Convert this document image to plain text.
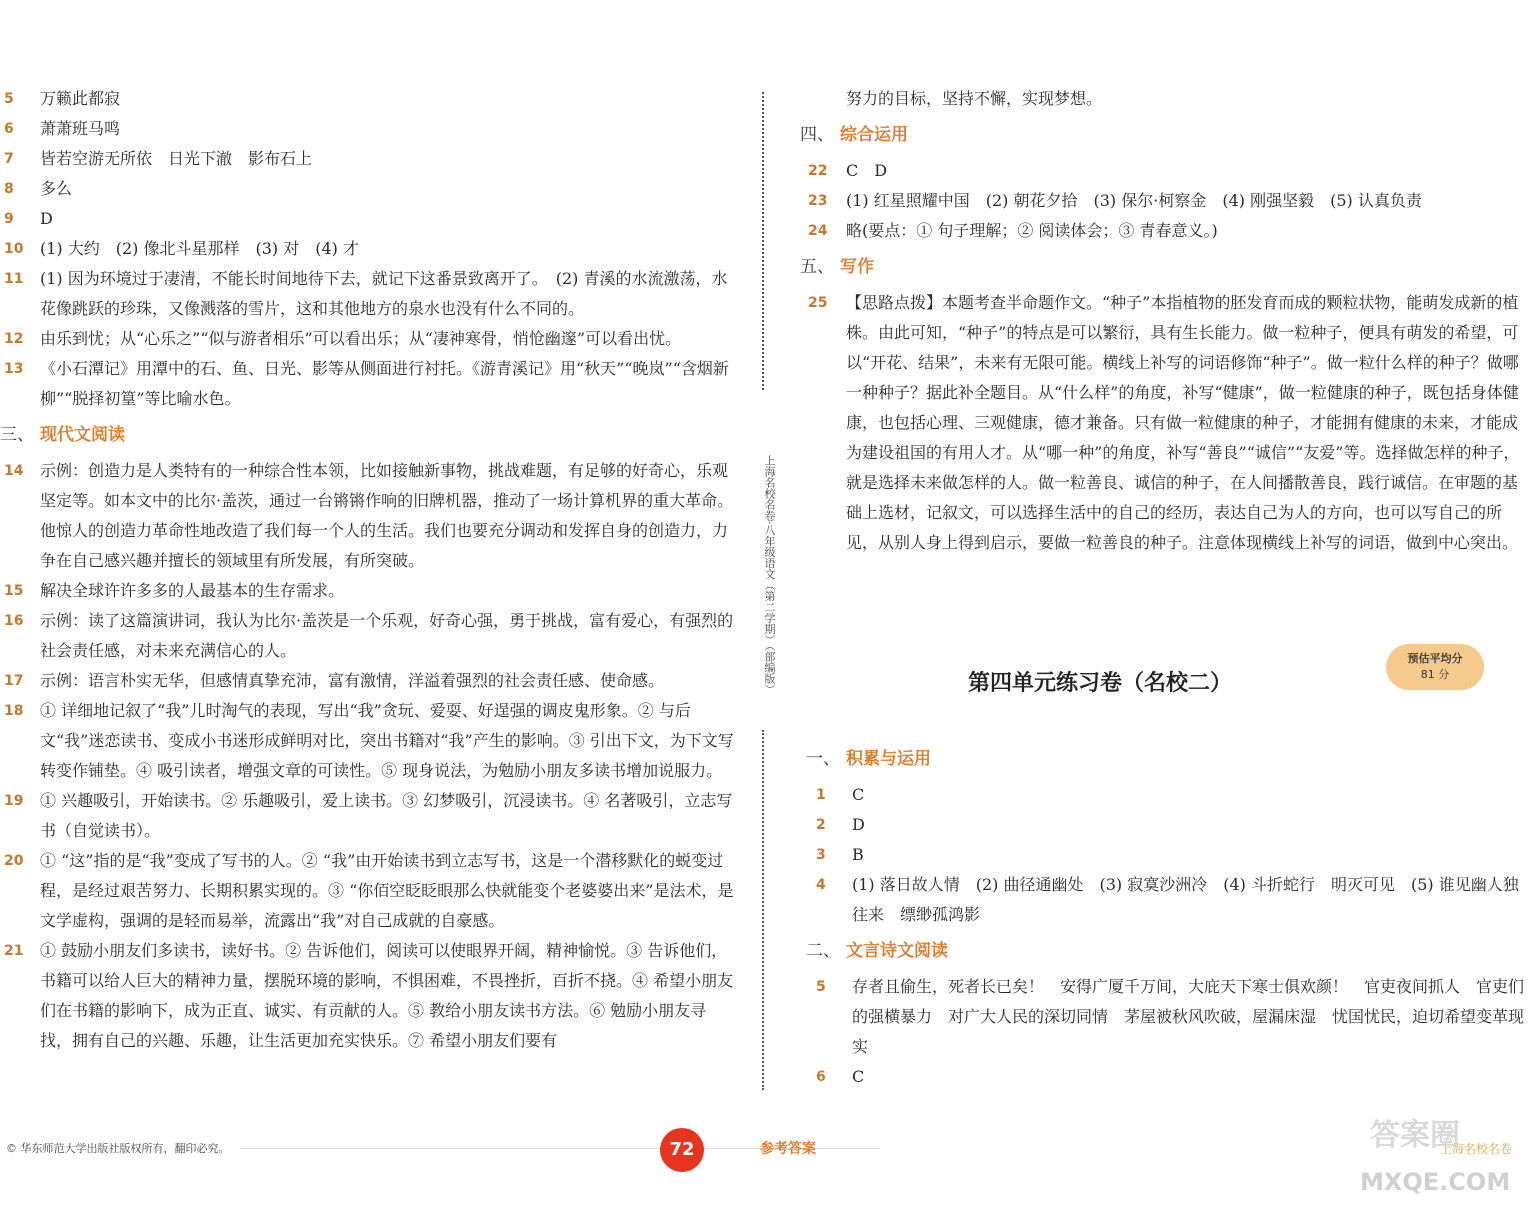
5 万籁此都寂
6 萧萧班马鸣
7 皆若空游无所依　日光下澈　影布石上
8 多么
9 D
10 (1) 大约　(2) 像北斗星那样　(3) 对　(4) 才
11 (1) 因为环境过于凄清，不能长时间地待下去，就记下这番景致离开了。　(2) 青溪的水流激荡，水花像跳跃的珍珠，又像溅落的雪片，这和其他地方的泉水也没有什么不同的。
12 由乐到忧；从“心乐之”“似与游者相乐”可以看出乐；从“凄神寒骨，悄怆幽邃”可以看出忧。
13 《小石潭记》用潭中的石、鱼、日光、影等从侧面进行衬托。《游青溪记》用“秋天”“晚岚”“含烟新柳”“脱择初篁”等比喻水色。
三、 现代文阅读
14 示例：创造力是人类特有的一种综合性本领，比如接触新事物，挑战难题，有足够的好奇心，乐观坚定等。如本文中的比尔·盖茨，通过一台锵锵作响的旧牌机器，推动了一场计算机界的重大革命。他惊人的创造力革命性地改造了我们每一个人的生活。我们也要充分调动和发挥自身的创造力，力争在自己感兴趣并擅长的领域里有所发展，有所突破。
15 解决全球许许多多的人最基本的生存需求。
16 示例：读了这篇演讲词，我认为比尔·盖茨是一个乐观，好奇心强，勇于挑战，富有爱心，有强烈的社会责任感，对未来充满信心的人。
17 示例：语言朴实无华，但感情真挚充沛，富有激情，洋溢着强烈的社会责任感、使命感。
18 ① 详细地记叙了“我”儿时淘气的表现，写出“我”贪玩、爱耍、好逞强的调皮鬼形象。② 与后文“我”迷恋读书、变成小书迷形成鲜明对比，突出书籍对“我”产生的影响。③ 引出下文，为下文写转变作铺垫。④ 吸引读者，增强文章的可读性。⑤ 现身说法，为勉励小朋友多读书增加说服力。
19 ① 兴趣吸引，开始读书。② 乐趣吸引，爱上读书。③ 幻梦吸引，沉浸读书。④ 名著吸引，立志写书（自觉读书）。
20 ① “这”指的是“我”变成了写书的人。② “我”由开始读书到立志写书，这是一个潜移默化的蜕变过程，是经过艰苦努力、长期积累实现的。③ “你佰空眨眨眼那么快就能变个老婆婆出来”是法术，是文学虚构，强调的是轻而易举，流露出“我”对自己成就的自豪感。
21 ① 鼓励小朋友们多读书，读好书。② 告诉他们，阅读可以使眼界开阔，精神愉悦。③ 告诉他们，书籍可以给人巨大的精神力量，摆脱环境的影响，不惧困难，不畏挫折，百折不挠。④ 希望小朋友们在书籍的影响下，成为正直、诚实、有贡献的人。⑤ 教给小朋友读书方法。⑥ 勉励小朋友寻找，拥有自己的兴趣、乐趣，让生活更加充实快乐。⑦ 希望小朋友们要有
上海名校名卷·八年级语文（第二学期）（部编版）
努力的目标，坚持不懈，实现梦想。
四、 综合运用
22 C　D
23 (1) 红星照耀中国　(2) 朝花夕拾　(3) 保尔·柯察金　(4) 刚强坚毅　(5) 认真负责
24 略(要点：① 句子理解；② 阅读体会；③ 青春意义。)
五、 写作
25 【思路点拨】本题考查半命题作文。“种子”本指植物的胚发育而成的颗粒状物，能萌发成新的植株。由此可知，“种子”的特点是可以繁衍，具有生长能力。做一粒种子，便具有萌发的希望，可以“开花、结果”，未来有无限可能。横线上补写的词语修饰“种子”。做一粒什么样的种子？做哪一种种子？据此补全题目。从“什么样”的角度，补写“健康”，做一粒健康的种子，既包括身体健康，也包括心理、三观健康，德才兼备。只有做一粒健康的种子，才能拥有健康的未来，才能成为建设祖国的有用人才。从“哪一种”的角度，补写“善良”“诚信”“友爱”等。选择做怎样的种子，就是选择未来做怎样的人。做一粒善良、诚信的种子，在人间播散善良，践行诚信。在审题的基础上选材，记叙文，可以选择生活中的自己的经历，表达自己为人的方向，也可以写自己的所见，从别人身上得到启示，要做一粒善良的种子。注意体现横线上补写的词语，做到中心突出。
第四单元练习卷（名校二）
预估平均分
81 分
一、 积累与运用
1 C
2 D
3 B
4 (1) 落日故人情　(2) 曲径通幽处　(3) 寂寞沙洲冷　(4) 斗折蛇行　明灭可见　(5) 谁见幽人独往来　缥缈孤鸿影
二、 文言诗文阅读
5 存者且偷生，死者长已矣！　安得广厦千万间，大庇天下寒士俱欢颜！　官吏夜间抓人　官吏们的强横暴力　对广大人民的深切同情　茅屋被秋风吹破，屋漏床湿　忧国忧民，迫切希望变革现实
6 C
© 华东师范大学出版社版权所有，翻印必究。	72	参考答案	上海名校名卷
答案圈
MXQE.COM
